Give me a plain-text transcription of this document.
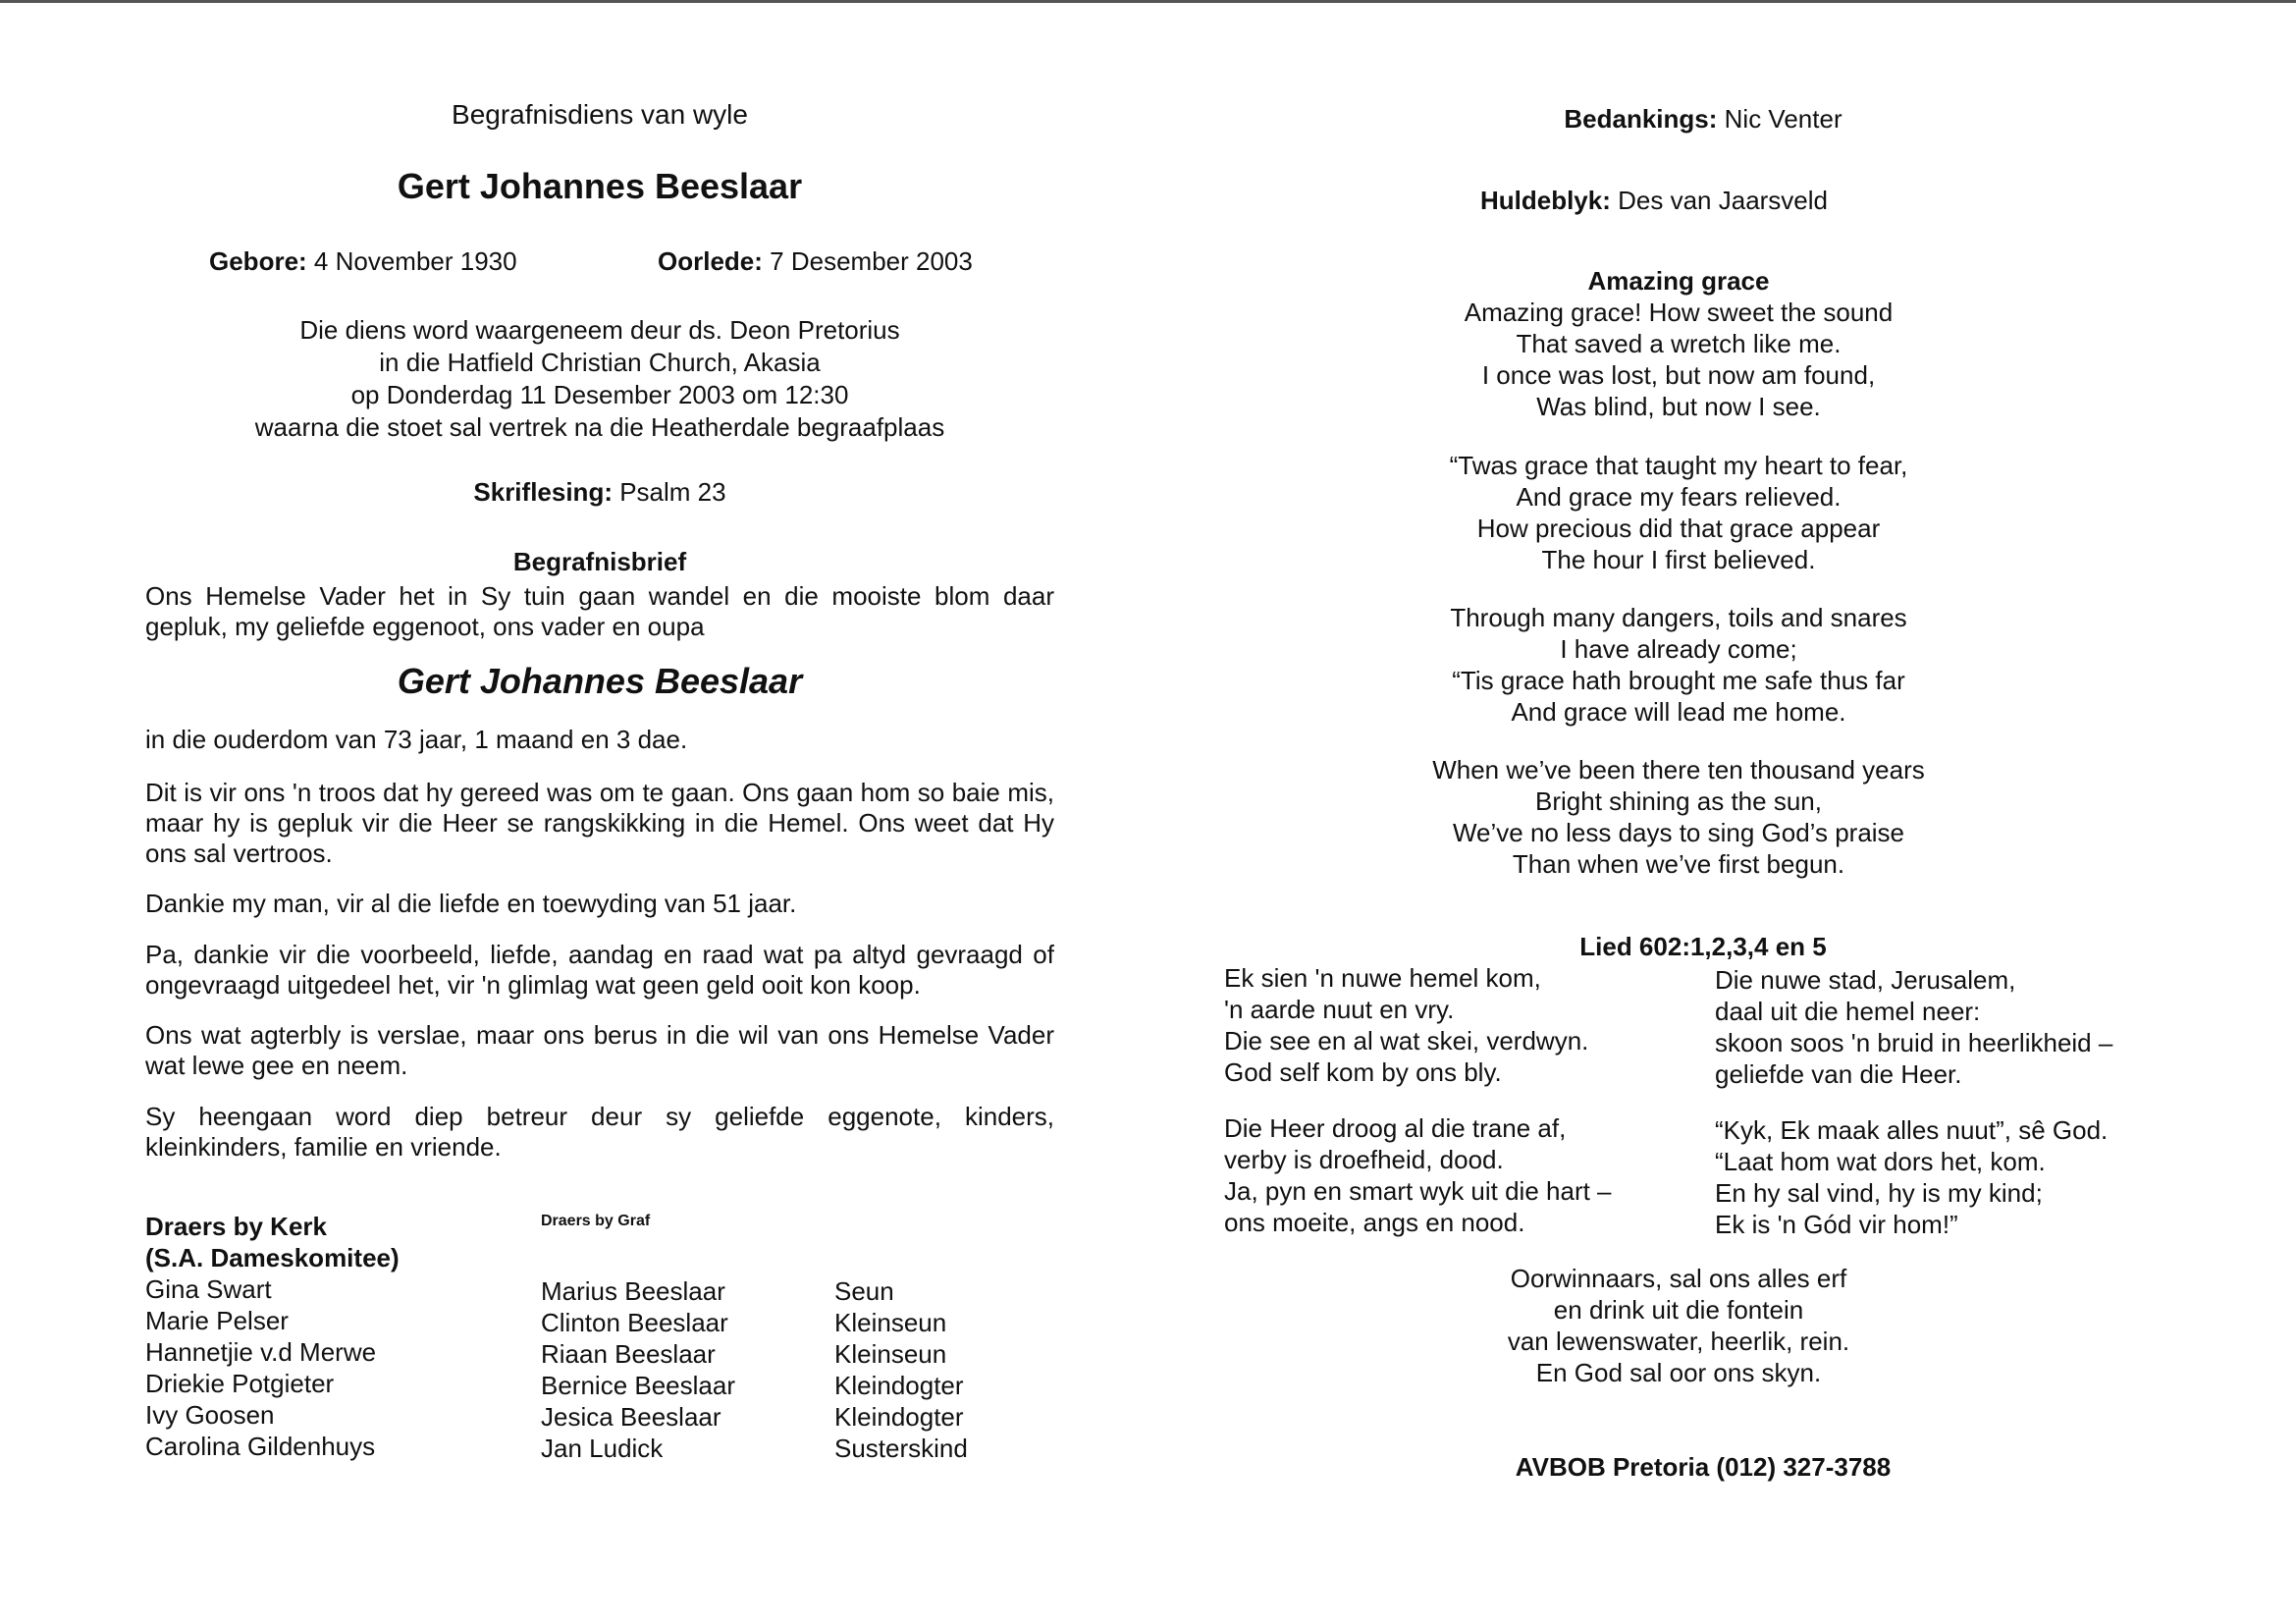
Begrafnisdiens van wyle
Gert Johannes Beeslaar
Gebore: 4 November 1930	Oorlede: 7 Desember 2003
Die diens word waargeneem deur ds. Deon Pretorius
in die Hatfield Christian Church, Akasia
op Donderdag 11 Desember 2003 om 12:30
waarna die stoet sal vertrek na die Heatherdale begraafplaas
Skriflesing: Psalm 23
Begrafnisbrief

Ons Hemelse Vader het in Sy tuin gaan wandel en die mooiste blom daar gepluk, my geliefde eggenoot, ons vader en oupa

Gert Johannes Beeslaar

in die ouderdom van 73 jaar, 1 maand en 3 dae.

Dit is vir ons 'n troos dat hy gereed was om te gaan. Ons gaan hom so baie mis, maar hy is gepluk vir die Heer se rangskikking in die Hemel. Ons weet dat Hy ons sal vertroos.

Dankie my man, vir al die liefde en toewyding van 51 jaar.

Pa, dankie vir die voorbeeld, liefde, aandag en raad wat pa altyd gevraagd of ongevraagd uitgedeel het, vir 'n glimlag wat geen geld ooit kon koop.

Ons wat agterbly is verslae, maar ons berus in die wil van ons Hemelse Vader wat lewe gee en neem.

Sy heengaan word diep betreur deur sy geliefde eggenote, kinders, kleinkinders, familie en vriende.

Draers by Kerk
(S.A. Dameskomitee)
Gina Swart
Marie Pelser
Hannetjie v.d Merwe
Driekie Potgieter
Ivy Goosen
Carolina Gildenhuys
Draers by Graf
Marius Beeslaar
Clinton Beeslaar
Riaan Beeslaar
Bernice Beeslaar
Jesica Beeslaar
Jan Ludick
Seun
Kleinseun
Kleinseun
Kleindogter
Kleindogter
Susterskind
Bedankings: Nic Venter
Huldeblyk: Des van Jaarsveld
Amazing grace
Amazing grace! How sweet the sound
That saved a wretch like me.
I once was lost, but now am found,
Was blind, but now I see.
“Twas grace that taught my heart to fear,
And grace my fears relieved.
How precious did that grace appear
The hour I first believed.
Through many dangers, toils and snares
I have already come;
“Tis grace hath brought me safe thus far
And grace will lead me home.
When we’ve been there ten thousand years
Bright shining as the sun,
We’ve no less days to sing God’s praise
Than when we’ve first begun.
Lied 602:1,2,3,4 en 5
Ek sien 'n nuwe hemel kom,
'n aarde nuut en vry.
Die see en al wat skei, verdwyn.
God self kom by ons bly.
Die nuwe stad, Jerusalem,
daal uit die hemel neer:
skoon soos 'n bruid in heerlikheid –
geliefde van die Heer.
Die Heer droog al die trane af,
verby is droefheid, dood.
Ja, pyn en smart wyk uit die hart –
ons moeite, angs en nood.
“Kyk, Ek maak alles nuut”, sê God.
“Laat hom wat dors het, kom.
En hy sal vind, hy is my kind;
Ek is 'n Gód vir hom!”
Oorwinnaars, sal ons alles erf
en drink uit die fontein
van lewenswater, heerlik, rein.
En God sal oor ons skyn.
AVBOB Pretoria (012) 327-3788
